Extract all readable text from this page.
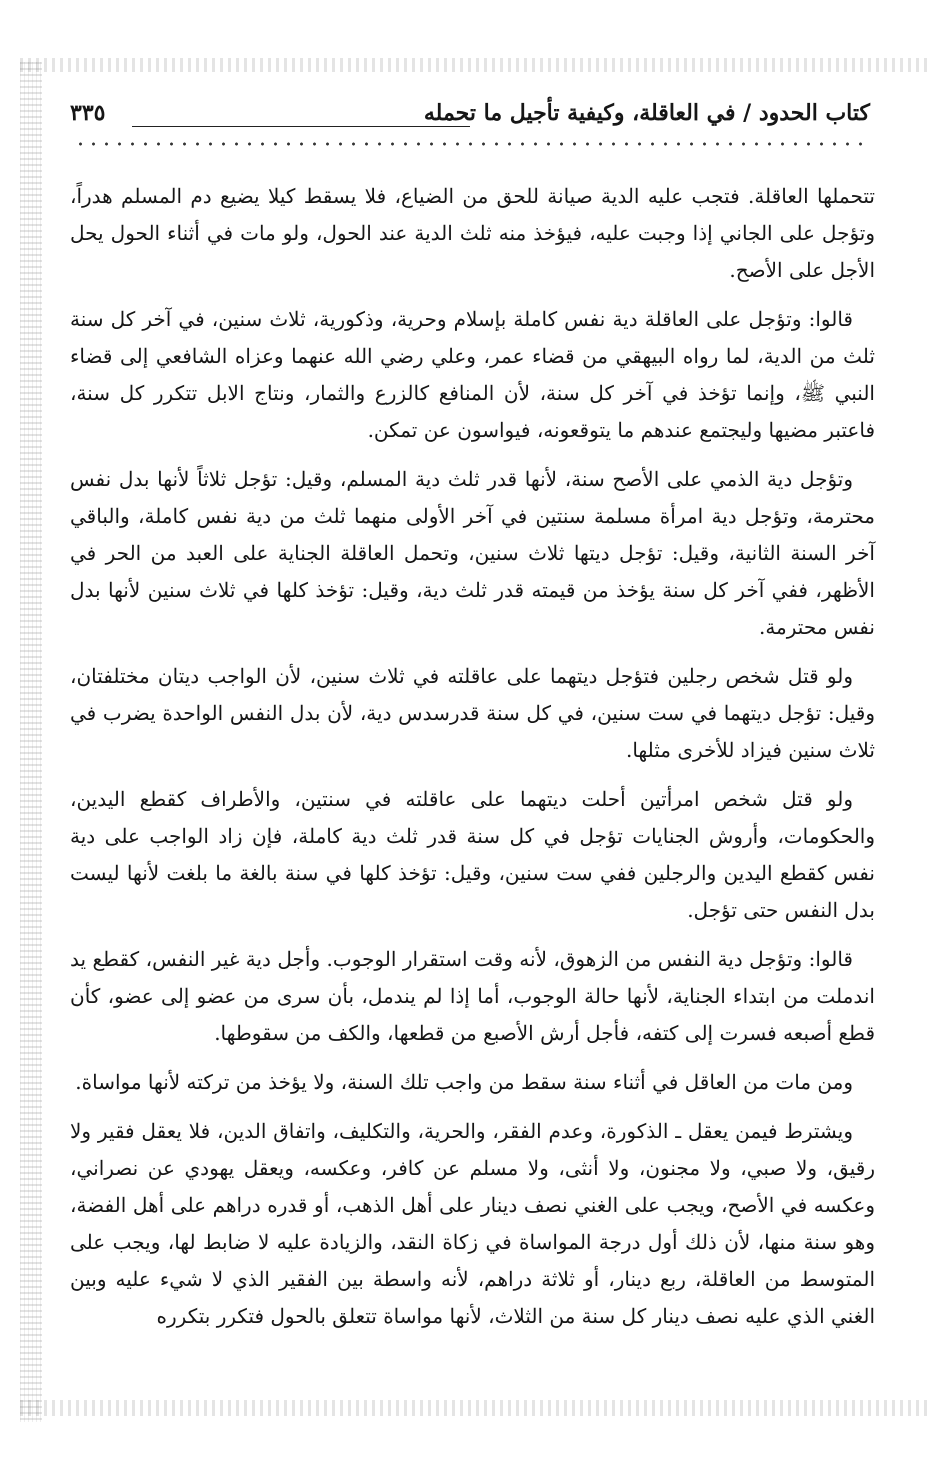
كتاب الحدود / في العاقلة، وكيفية تأجيل ما تحمله
٣٣٥

تتحملها العاقلة. فتجب عليه الدية صيانة للحق من الضياع، فلا يسقط كيلا يضيع دم المسلم هدراً، وتؤجل على الجاني إذا وجبت عليه، فيؤخذ منه ثلث الدية عند الحول، ولو مات في أثناء الحول يحل الأجل على الأصح.

قالوا: وتؤجل على العاقلة دية نفس كاملة بإسلام وحرية، وذكورية، ثلاث سنين، في آخر كل سنة ثلث من الدية، لما رواه البيهقي من قضاء عمر، وعلي رضي الله عنهما وعزاه الشافعي إلى قضاء النبي ﷺ، وإنما تؤخذ في آخر كل سنة، لأن المنافع كالزرع والثمار، ونتاج الابل تتكرر كل سنة، فاعتبر مضيها وليجتمع عندهم ما يتوقعونه، فيواسون عن تمكن.

وتؤجل دية الذمي على الأصح سنة، لأنها قدر ثلث دية المسلم، وقيل: تؤجل ثلاثاً لأنها بدل نفس محترمة، وتؤجل دية امرأة مسلمة سنتين في آخر الأولى منهما ثلث من دية نفس كاملة، والباقي آخر السنة الثانية، وقيل: تؤجل ديتها ثلاث سنين، وتحمل العاقلة الجناية على العبد من الحر في الأظهر، ففي آخر كل سنة يؤخذ من قيمته قدر ثلث دية، وقيل: تؤخذ كلها في ثلاث سنين لأنها بدل نفس محترمة.

ولو قتل شخص رجلين فتؤجل ديتهما على عاقلته في ثلاث سنين، لأن الواجب ديتان مختلفتان، وقيل: تؤجل ديتهما في ست سنين، في كل سنة قدرسدس دية، لأن بدل النفس الواحدة يضرب في ثلاث سنين فيزاد للأخرى مثلها.

ولو قتل شخص امرأتين أحلت ديتهما على عاقلته في سنتين، والأطراف كقطع اليدين، والحكومات، وأروش الجنايات تؤجل في كل سنة قدر ثلث دية كاملة، فإن زاد الواجب على دية نفس كقطع اليدين والرجلين ففي ست سنين، وقيل: تؤخذ كلها في سنة بالغة ما بلغت لأنها ليست بدل النفس حتى تؤجل.

قالوا: وتؤجل دية النفس من الزهوق، لأنه وقت استقرار الوجوب. وأجل دية غير النفس، كقطع يد اندملت من ابتداء الجناية، لأنها حالة الوجوب، أما إذا لم يندمل، بأن سرى من عضو إلى عضو، كأن قطع أصبعه فسرت إلى كتفه، فأجل أرش الأصبع من قطعها، والكف من سقوطها.

ومن مات من العاقل في أثناء سنة سقط من واجب تلك السنة، ولا يؤخذ من تركته لأنها مواساة.

ويشترط فيمن يعقل ـ الذكورة، وعدم الفقر، والحرية، والتكليف، واتفاق الدين، فلا يعقل فقير ولا رقيق، ولا صبي، ولا مجنون، ولا أنثى، ولا مسلم عن كافر، وعكسه، ويعقل يهودي عن نصراني، وعكسه في الأصح، ويجب على الغني نصف دينار على أهل الذهب، أو قدره دراهم على أهل الفضة، وهو سنة منها، لأن ذلك أول درجة المواساة في زكاة النقد، والزيادة عليه لا ضابط لها، ويجب على المتوسط من العاقلة، ربع دينار، أو ثلاثة دراهم، لأنه واسطة بين الفقير الذي لا شيء عليه وبين الغني الذي عليه نصف دينار كل سنة من الثلاث، لأنها مواساة تتعلق بالحول فتكرر بتكرره
